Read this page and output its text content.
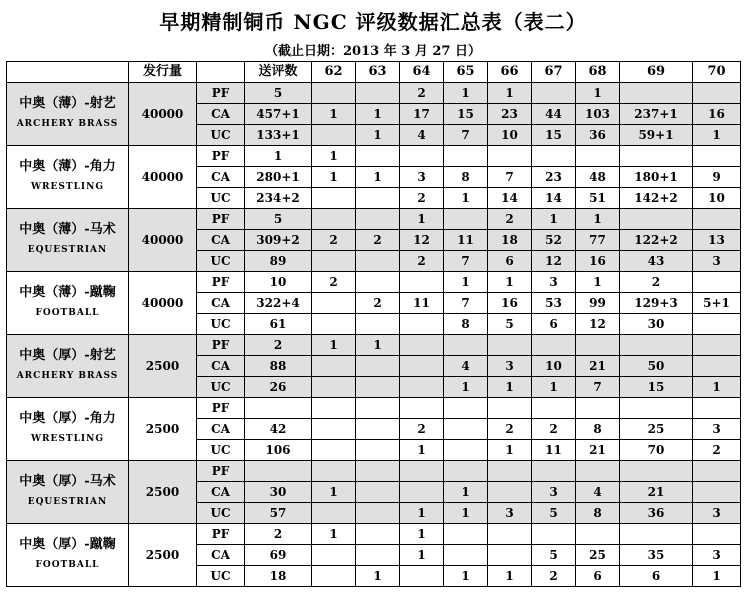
早期精制铜币 NGC 评级数据汇总表（表二）
（截止日期：2013 年 3 月 27 日）
	发行量		送评数	62	63	64	65	66	67	68	69	70

中奥（薄）-射艺
ARCHERY BRASS	40000	PF	5			2	1	1		1		
		CA	457+1	1	1	17	15	23	44	103	237+1	16
		UC	133+1		1	4	7	10	15	36	59+1	1

中奥（薄）-角力
WRESTLING	40000	PF	1	1								
		CA	280+1	1	1	3	8	7	23	48	180+1	9
		UC	234+2			2	1	14	14	51	142+2	10

中奥（薄）-马术
EQUESTRIAN	40000	PF	5			1		2	1	1		
		CA	309+2	2	2	12	11	18	52	77	122+2	13
		UC	89			2	7	6	12	16	43	3

中奥（薄）-蹴鞠
FOOTBALL	40000	PF	10	2			1	1	3	1	2	
		CA	322+4		2	11	7	16	53	99	129+3	5+1
		UC	61				8	5	6	12	30	

中奥（厚）-射艺
ARCHERY BRASS	2500	PF	2	1	1							
		CA	88				4	3	10	21	50	
		UC	26				1	1	1	7	15	1

中奥（厚）-角力
WRESTLING	2500	PF										
		CA	42			2		2	2	8	25	3
		UC	106			1		1	11	21	70	2

中奥（厚）-马术
EQUESTRIAN	2500	PF										
		CA	30	1			1		3	4	21	
		UC	57			1	1	3	5	8	36	3

中奥（厚）-蹴鞠
FOOTBALL	2500	PF	2	1		1						
		CA	69			1			5	25	35	3
		UC	18		1		1	1	2	6	6	1
